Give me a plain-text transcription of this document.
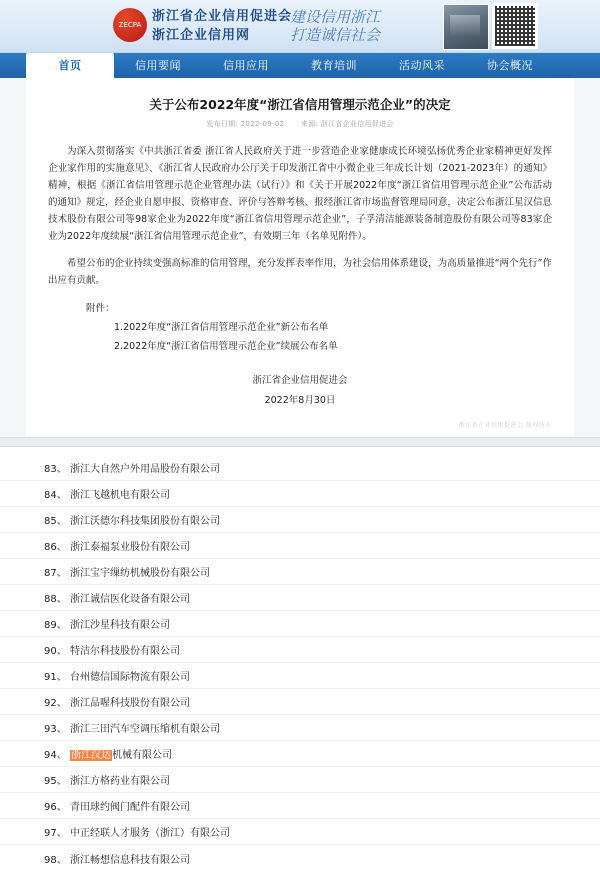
ZECPA
浙江省企业信用促进会
浙江企业信用网
建设信用浙江
打造诚信社会
首页	信用要闻	信用应用	教育培训	活动风采	协会概况
关于公布2022年度“浙江省信用管理示范企业”的决定
发布日期: 2022-09-02 来源: 浙江省企业信用促进会

为深入贯彻落实《中共浙江省委 浙江省人民政府关于进一步营造企业家健康成长环境弘扬优秀企业家精神更好发挥企业家作用的实施意见》、《浙江省人民政府办公厅关于印发浙江省中小微企业三年成长计划（2021-2023年）的通知》精神，根据《浙江省信用管理示范企业管理办法（试行）》和《关于开展2022年度“浙江省信用管理示范企业”公布活动的通知》规定，经企业自愿申报、资格审查、评价与答辩考核、报经浙江省市场监督管理局同意，决定公布浙江星汉信息技术股份有限公司等98家企业为2022年度“浙江省信用管理示范企业”，子孚清洁能源装备制造股份有限公司等83家企业为2022年度续展“浙江省信用管理示范企业”，有效期三年（名单见附件）。

希望公布的企业持续变强高标准的信用管理，充分发挥表率作用，为社会信用体系建设，为高质量推进“两个先行”作出应有贡献。

附件：
1.2022年度“浙江省信用管理示范企业”新公布名单
2.2022年度“浙江省信用管理示范企业”续展公布名单
浙江省企业信用促进会
2022年8月30日
浙江省企业信用促进会 版权所有
83、 浙江大自然户外用品股份有限公司
84、 浙江飞越机电有限公司
85、 浙江沃德尔科技集团股份有限公司
86、 浙江泰福泵业股份有限公司
87、 浙江宝宇缫纺机械股份有限公司
88、 浙江诚信医化设备有限公司
89、 浙江沙星科技有限公司
90、 特洁尔科技股份有限公司
91、 台州德信国际物流有限公司
92、 浙江品喔科技股份有限公司
93、 浙江三田汽车空调压缩机有限公司
94、 浙江汉达机械有限公司
95、 浙江方格药业有限公司
96、 青田球约阀门配件有限公司
97、 中正经联人才服务（浙江）有限公司
98、 浙江畅想信息科技有限公司
